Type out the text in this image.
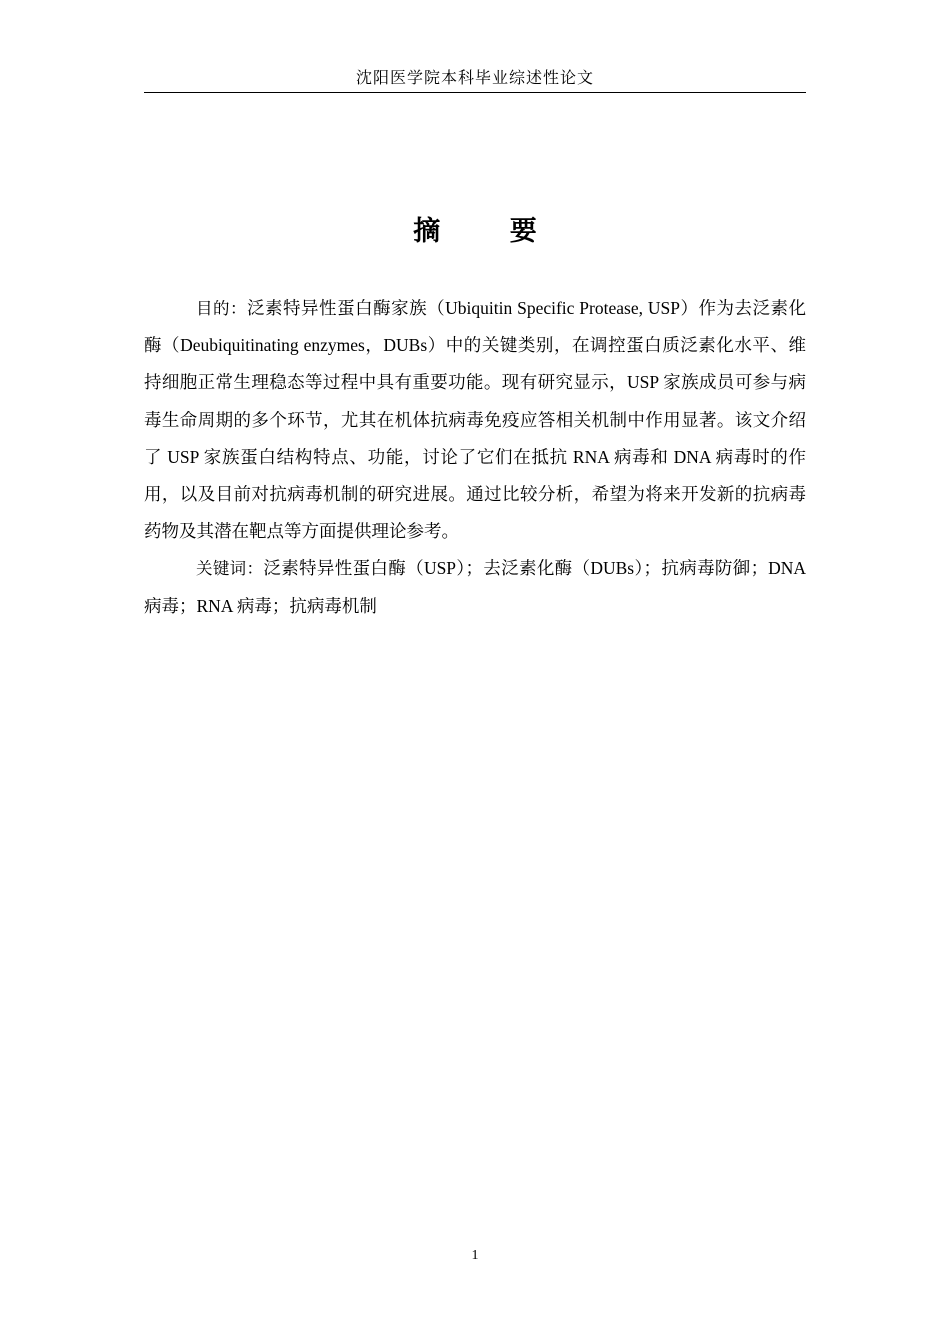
沈阳医学院本科毕业综述性论文
摘 要

目的：泛素特异性蛋白酶家族（Ubiquitin Specific Protease, USP）作为去泛素化酶（Deubiquitinating enzymes，DUBs）中的关键类别，在调控蛋白质泛素化水平、维持细胞正常生理稳态等过程中具有重要功能。现有研究显示，USP 家族成员可参与病毒生命周期的多个环节，尤其在机体抗病毒免疫应答相关机制中作用显著。该文介绍了 USP 家族蛋白结构特点、功能，讨论了它们在抵抗 RNA 病毒和 DNA 病毒时的作用，以及目前对抗病毒机制的研究进展。通过比较分析，希望为将来开发新的抗病毒药物及其潜在靶点等方面提供理论参考。

关键词：泛素特异性蛋白酶（USP）；去泛素化酶（DUBs）；抗病毒防御；DNA 病毒；RNA 病毒；抗病毒机制

1
